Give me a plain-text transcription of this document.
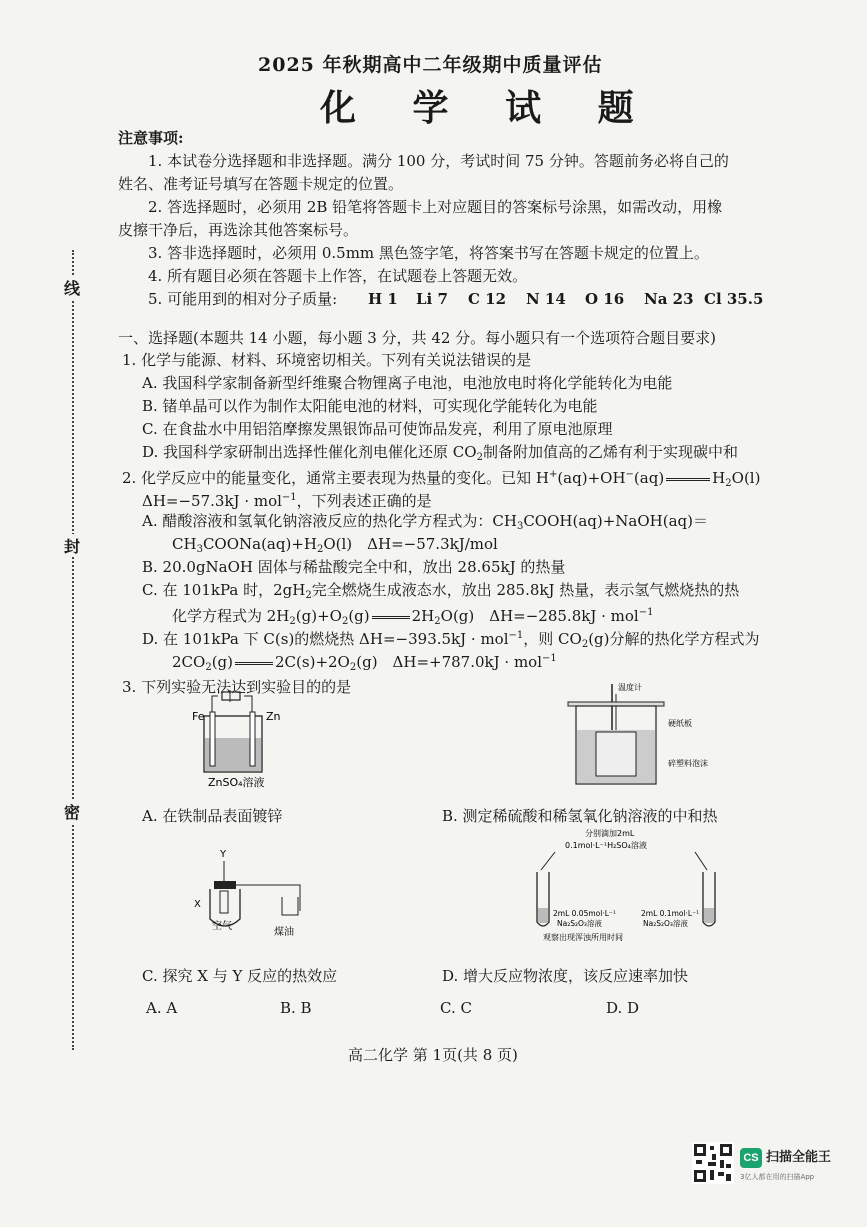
线
封
密
2025 年秋期高中二年级期中质量评估
化 学 试 题
注意事项:
1. 本试卷分选择题和非选择题。满分 100 分，考试时间 75 分钟。答题前务必将自己的
姓名、准考证号填写在答题卡规定的位置。
2. 答选择题时，必须用 2B 铅笔将答题卡上对应题目的答案标号涂黑，如需改动，用橡
皮擦干净后，再选涂其他答案标号。
3. 答非选择题时，必须用 0.5mm 黑色签字笔，将答案书写在答题卡规定的位置上。
4. 所有题目必须在答题卡上作答，在试题卷上答题无效。
5. 可能用到的相对分子质量: H 1 Li 7 C 12 N 14 O 16 Na 23 Cl 35.5
一、选择题(本题共 14 小题，每小题 3 分，共 42 分。每小题只有一个选项符合题目要求)
1. 化学与能源、材料、环境密切相关。下列有关说法错误的是
A. 我国科学家制备新型纤维聚合物锂离子电池，电池放电时将化学能转化为电能
B. 锗单晶可以作为制作太阳能电池的材料，可实现化学能转化为电能
C. 在食盐水中用铝箔摩擦发黑银饰品可使饰品发亮，利用了原电池原理
D. 我国科学家研制出选择性催化剂电催化还原 $CO_2$制备附加值高的乙烯有利于实现碳中和
2. 化学反应中的能量变化，通常主要表现为热量的变化。已知 H+(aq)+OH−(aq)	$H_2O(l)$
ΔH=−57.3kJ · mol$^{-1}$，下列表述正确的是
A. 醋酸溶液和氢氧化钠溶液反应的热化学方程式为：$CH_3COOH(aq)+NaOH(aq)=$
$CH_3COONa(aq)+H_2O(l)$　ΔH=−57.3kJ/mol
B. 20.0gNaOH 固体与稀盐酸完全中和，放出 28.65kJ 的热量
C. 在 101kPa 时，$2gH_2$完全燃烧生成液态水，放出 285.8kJ 热量，表示氢气燃烧热的热
化学方程式为 $2H_2(g)+O_2(g)$	$2H_2O(g)$　ΔH=−285.8kJ · mol$^{-1}$
D. 在 101kPa 下 C(s)的燃烧热 ΔH=−393.5kJ · mol$^{-1}$，则 $CO_2(g)$分解的热化学方程式为
$2CO_2(g)$	$2C(s)+2O_2(g)$　ΔH=+787.0kJ · mol$^{-1}$
3. 下列实验无法达到实验目的的是
Fe	Zn
ZnSO₄溶液
温度计
硬纸板
碎塑料泡沫
A. 在铁制品表面镀锌	B. 测定稀硫酸和稀氢氧化钠溶液的中和热
Y
X
空气
煤油
分别滴加2mL
0.1mol·L⁻¹H₂SO₄溶液
2mL 0.05mol·L⁻¹
Na₂S₂O₃溶液
2mL 0.1mol·L⁻¹
Na₂S₂O₃溶液
观察出现浑浊所用时间
C. 探究 X 与 Y 反应的热效应	D. 增大反应物浓度，该反应速率加快
A. A	B. B	C. C	D. D
高二化学 第 1页(共 8 页)
CS 扫描全能王
3亿人都在用的扫描App
